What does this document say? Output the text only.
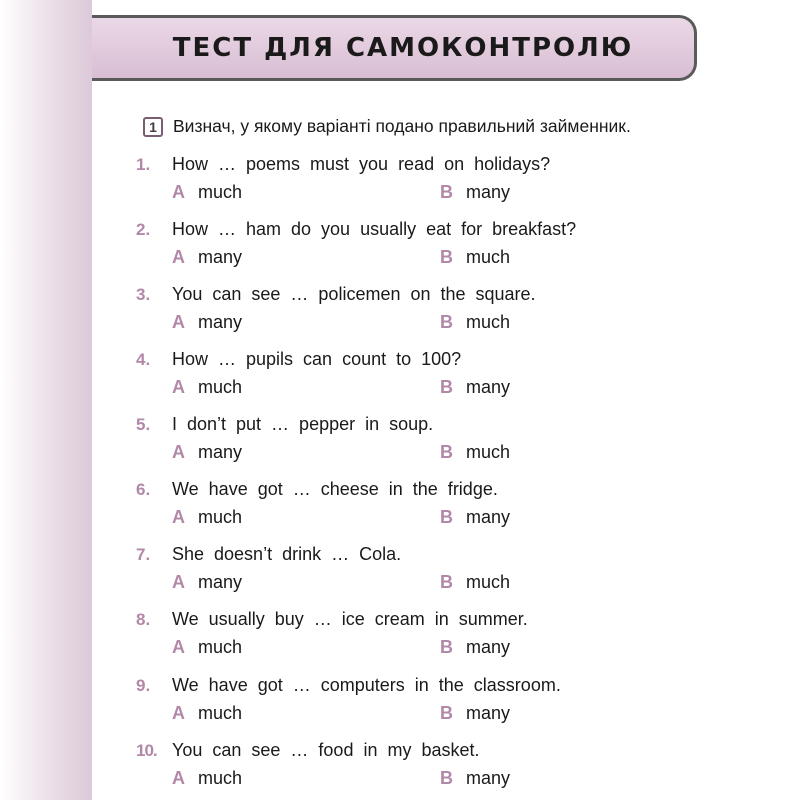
ТЕСТ ДЛЯ САМОКОНТРОЛЮ
1 Визнач, у якому варіанті подано правильний займенник.
1. How … poems must you read on holidays?
A much	B many
2. How … ham do you usually eat for breakfast?
A many	B much
3. You can see … policemen on the square.
A many	B much
4. How … pupils can count to 100?
A much	B many
5. I don’t put … pepper in soup.
A many	B much
6. We have got … cheese in the fridge.
A much	B many
7. She doesn’t drink … Cola.
A many	B much
8. We usually buy … ice cream in summer.
A much	B many
9. We have got … computers in the classroom.
A much	B many
10. You can see … food in my basket.
A much	B many
